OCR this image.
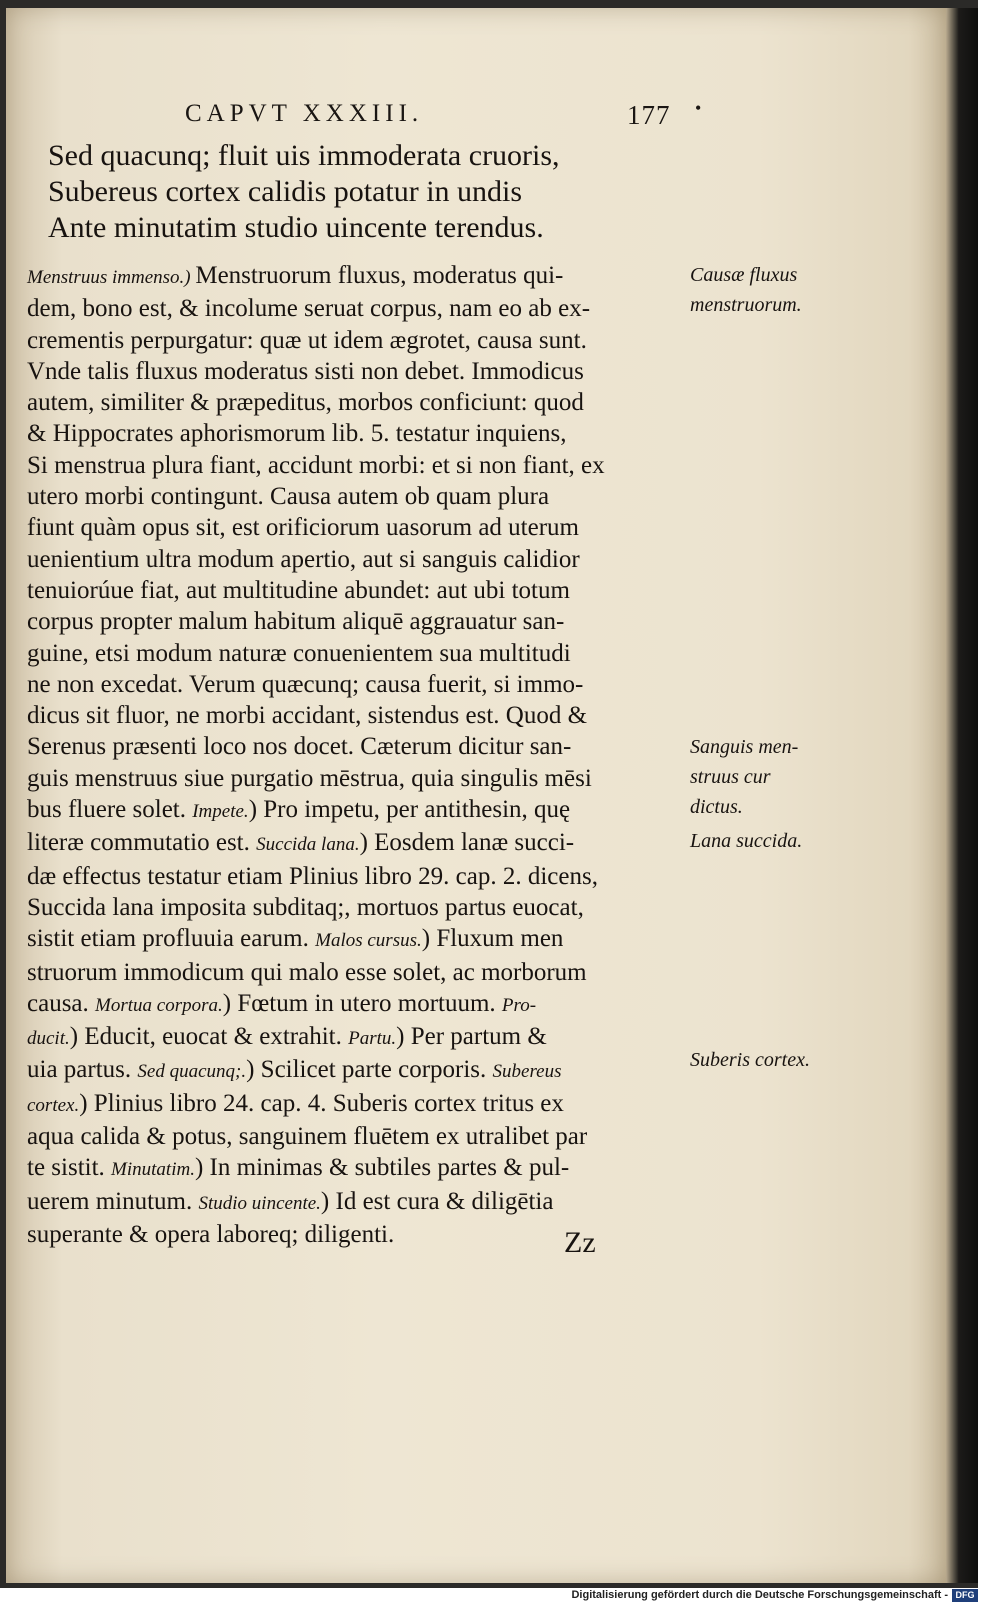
CAPVT XXXIII.	177 •
Sed quacunq; fluit uis immoderata cruoris,
Subereus cortex calidis potatur in undis
Ante minutatim studio uincente terendus.
Menstruus immenso.) Menstruorum fluxus, moderatus qui-
dem, bono est, & incolume seruat corpus, nam eo ab ex-
crementis perpurgatur: quæ ut idem ægrotet, causa sunt.
Vnde talis fluxus moderatus sisti non debet. Immodicus
autem, similiter & præpeditus, morbos conficiunt: quod
& Hippocrates aphorismorum lib. 5. testatur inquiens,
Si menstrua plura fiant, accidunt morbi: et si non fiant, ex
utero morbi contingunt. Causa autem ob quam plura
fiunt quàm opus sit, est orificiorum uasorum ad uterum
uenientium ultra modum apertio, aut si sanguis calidior
tenuiorúue fiat, aut multitudine abundet: aut ubi totum
corpus propter malum habitum aliquē aggrauatur san-
guine, etsi modum naturæ conuenientem sua multitudi
ne non excedat. Verum quæcunq; causa fuerit, si immo-
dicus sit fluor, ne morbi accidant, sistendus est. Quod &
Serenus præsenti loco nos docet. Cæterum dicitur san-
guis menstruus siue purgatio mēstrua, quia singulis mēsi
bus fluere solet. Impete.) Pro impetu, per antithesin, quę
literæ commutatio est. Succida lana.) Eosdem lanæ succi-
dæ effectus testatur etiam Plinius libro 29. cap. 2. dicens,
Succida lana imposita subditaq;, mortuos partus euocat,
sistit etiam profluuia earum. Malos cursus.) Fluxum men
struorum immodicum qui malo esse solet, ac morborum
causa. Mortua corpora.) Fœtum in utero mortuum. Pro-
ducit.) Educit, euocat & extrahit. Partu.) Per partum &
uia partus. Sed quacunq;.) Scilicet parte corporis. Subereus
cortex.) Plinius libro 24. cap. 4. Suberis cortex tritus ex
aqua calida & potus, sanguinem fluētem ex utralibet par
te sistit. Minutatim.) In minimas & subtiles partes & pul-
uerem minutum. Studio uincente.) Id est cura & diligētia
superante & opera laboreq; diligenti.
Causæ fluxus
menstruorum.
Sanguis men-
struus cur
dictus.
Lana succida.
Suberis cortex.
Zz
Digitalisierung gefördert durch die Deutsche Forschungsgemeinschaft - DFG
